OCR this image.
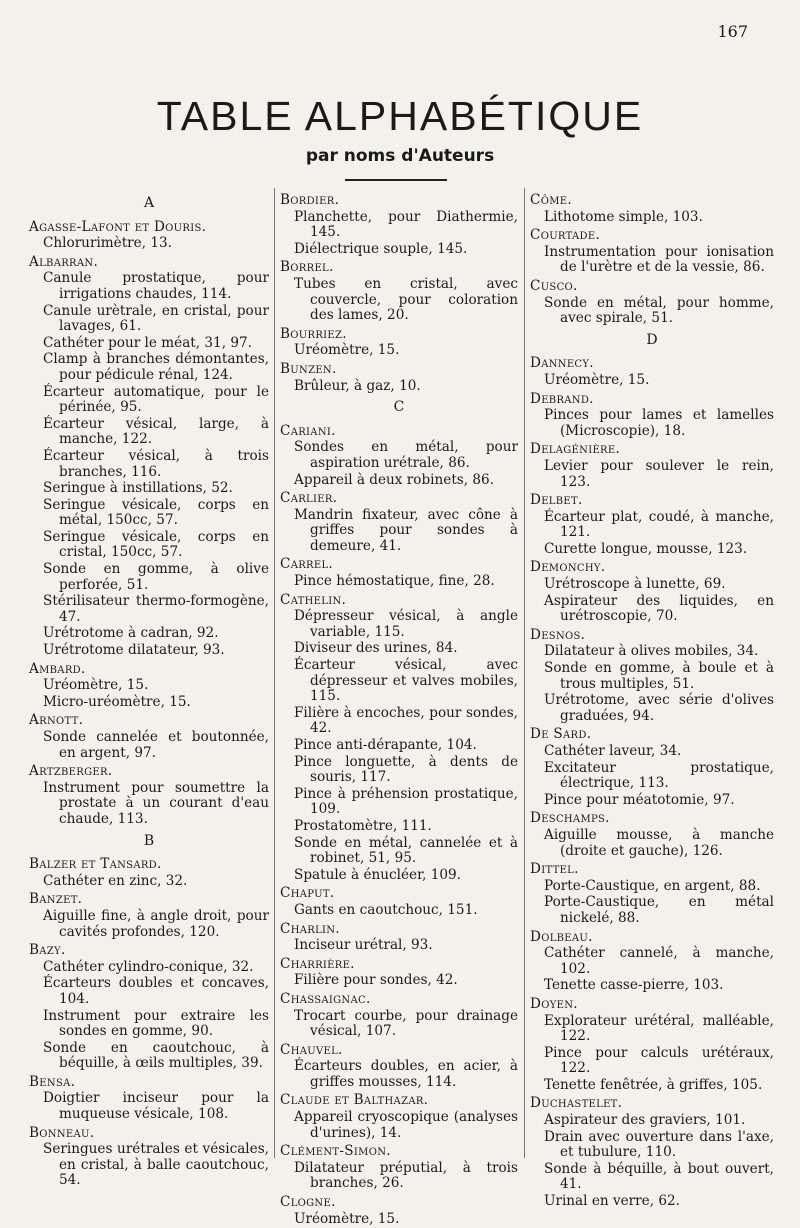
167
TABLE ALPHABÉTIQUE
par noms d'Auteurs
A
Agasse-Lafont et Douris.
Chlorurimètre, 13.
Albarran.
Canule prostatique, pour irrigations chaudes, 114.
Canule urètrale, en cristal, pour lavages, 61.
Cathéter pour le méat, 31, 97.
Clamp à branches démontantes, pour pédicule rénal, 124.
Écarteur automatique, pour le périnée, 95.
Écarteur vésical, large, à manche, 122.
Écarteur vésical, à trois branches, 116.
Seringue à instillations, 52.
Seringue vésicale, corps en métal, 150cc, 57.
Seringue vésicale, corps en cristal, 150cc, 57.
Sonde en gomme, à olive perforée, 51.
Stérilisateur thermo-formogène, 47.
Urétrotome à cadran, 92.
Urétrotome dilatateur, 93.
Ambard.
Uréomètre, 15.
Micro-uréomètre, 15.
Arnott.
Sonde cannelée et boutonnée, en argent, 97.
Artzberger.
Instrument pour soumettre la prostate à un courant d'eau chaude, 113.
B
Balzer et Tansard.
Cathéter en zinc, 32.
Banzet.
Aiguille fine, à angle droit, pour cavités profondes, 120.
Bazy.
Cathéter cylindro-conique, 32.
Écarteurs doubles et concaves, 104.
Instrument pour extraire les sondes en gomme, 90.
Sonde en caoutchouc, à béquille, à œils multiples, 39.
Bensa.
Doigtier inciseur pour la muqueuse vésicale, 108.
Bonneau.
Seringues urétrales et vésicales, en cristal, à balle caoutchouc, 54.
Bordier.
Planchette, pour Diathermie, 145.
Diélectrique souple, 145.
Borrel.
Tubes en cristal, avec couvercle, pour coloration des lames, 20.
Bourriez.
Uréomètre, 15.
Bunzen.
Brûleur, à gaz, 10.
C
Cariani.
Sondes en métal, pour aspiration urétrale, 86.
Appareil à deux robinets, 86.
Carlier.
Mandrin fixateur, avec cône à griffes pour sondes à demeure, 41.
Carrel.
Pince hémostatique, fine, 28.
Cathelin.
Dépresseur vésical, à angle variable, 115.
Diviseur des urines, 84.
Écarteur vésical, avec dépresseur et valves mobiles, 115.
Filière à encoches, pour sondes, 42.
Pince anti-dérapante, 104.
Pince longuette, à dents de souris, 117.
Pince à préhension prostatique, 109.
Prostatomètre, 111.
Sonde en métal, cannelée et à robinet, 51, 95.
Spatule à énucléer, 109.
Chaput.
Gants en caoutchouc, 151.
Charlin.
Inciseur urétral, 93.
Charrière.
Filière pour sondes, 42.
Chassaignac.
Trocart courbe, pour drainage vésical, 107.
Chauvel.
Écarteurs doubles, en acier, à griffes mousses, 114.
Claude et Balthazar.
Appareil cryoscopique (analyses d'urines), 14.
Clément-Simon.
Dilatateur préputial, à trois branches, 26.
Clogne.
Uréomètre, 15.
Côme.
Lithotome simple, 103.
Courtade.
Instrumentation pour ionisation de l'urètre et de la vessie, 86.
Cusco.
Sonde en métal, pour homme, avec spirale, 51.
D
Dannecy.
Uréomètre, 15.
Debrand.
Pinces pour lames et lamelles (Microscopie), 18.
Delagénière.
Levier pour soulever le rein, 123.
Delbet.
Écarteur plat, coudé, à manche, 121.
Curette longue, mousse, 123.
Demonchy.
Urétroscope à lunette, 69.
Aspirateur des liquides, en urétroscopie, 70.
Desnos.
Dilatateur à olives mobiles, 34.
Sonde en gomme, à boule et à trous multiples, 51.
Urétrotome, avec série d'olives graduées, 94.
De Sard.
Cathéter laveur, 34.
Excitateur prostatique, électrique, 113.
Pince pour méatotomie, 97.
Deschamps.
Aiguille mousse, à manche (droite et gauche), 126.
Dittel.
Porte-Caustique, en argent, 88.
Porte-Caustique, en métal nickelé, 88.
Dolbeau.
Cathéter cannelé, à manche, 102.
Tenette casse-pierre, 103.
Doyen.
Explorateur urétéral, malléable, 122.
Pince pour calculs urétéraux, 122.
Tenette fenêtrée, à griffes, 105.
Duchastelet.
Aspirateur des graviers, 101.
Drain avec ouverture dans l'axe, et tubulure, 110.
Sonde à béquille, à bout ouvert, 41.
Urinal en verre, 62.
